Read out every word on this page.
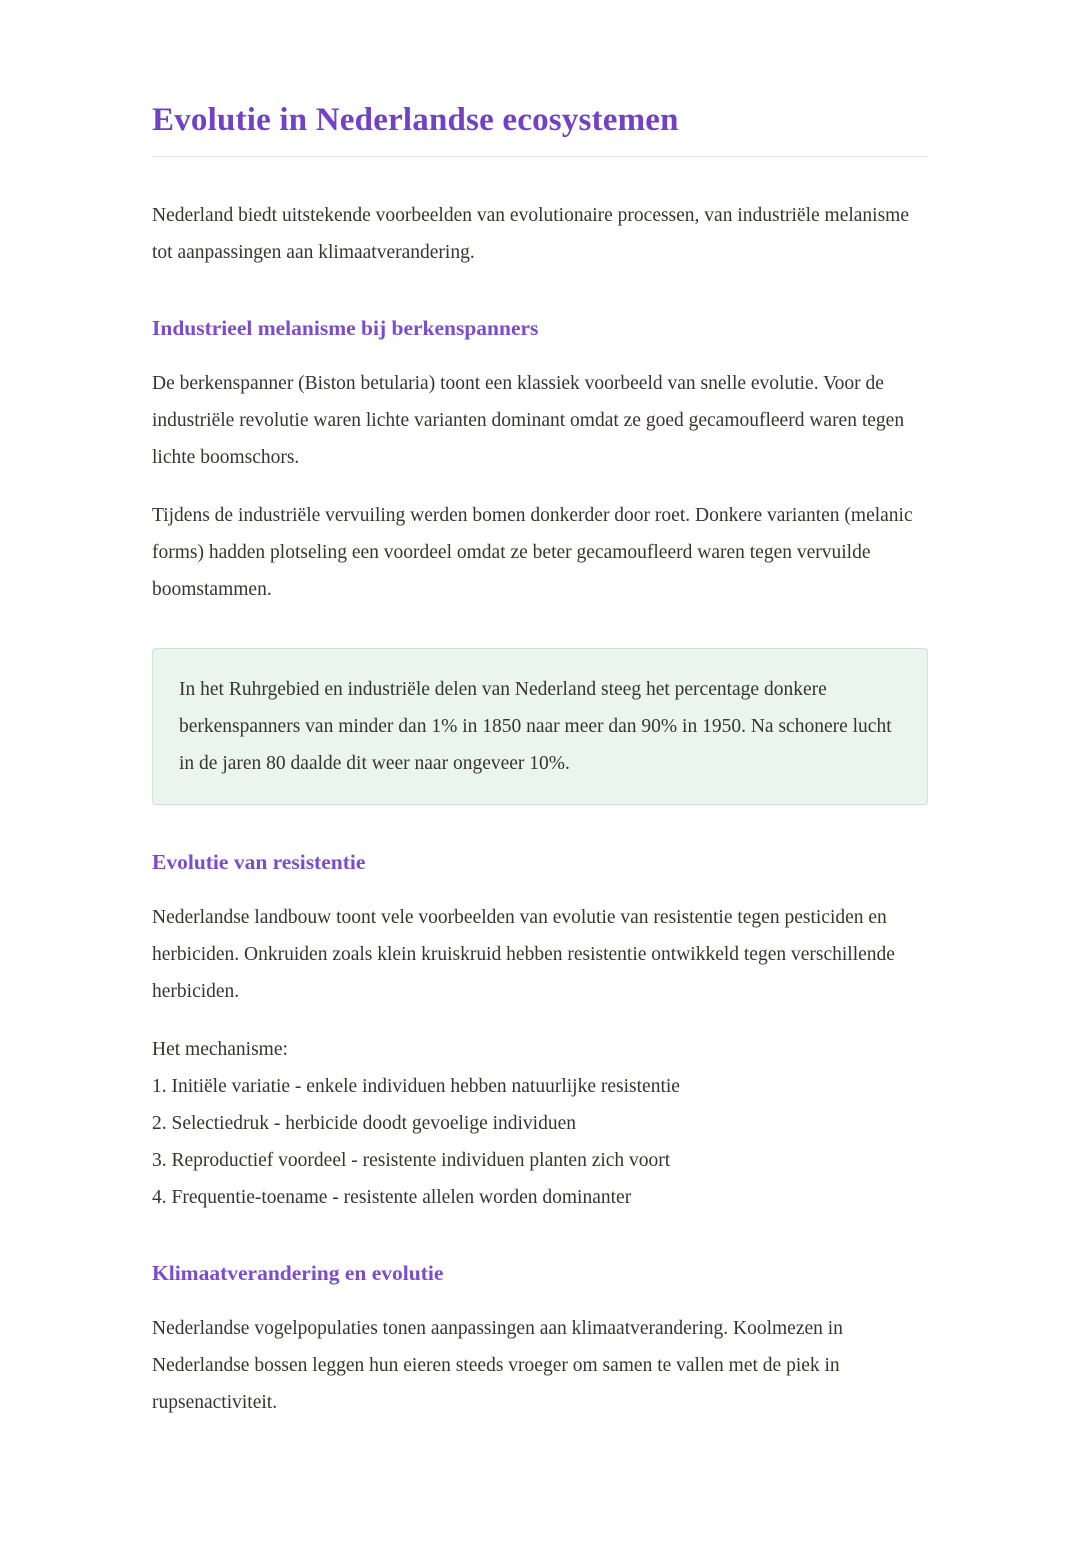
Evolutie in Nederlandse ecosystemen

Nederland biedt uitstekende voorbeelden van evolutionaire processen, van industriële melanisme tot aanpassingen aan klimaatverandering.

Industrieel melanisme bij berkenspanners

De berkenspanner (Biston betularia) toont een klassiek voorbeeld van snelle evolutie. Voor de industriële revolutie waren lichte varianten dominant omdat ze goed gecamoufleerd waren tegen lichte boomschors.

Tijdens de industriële vervuiling werden bomen donkerder door roet. Donkere varianten (melanic forms) hadden plotseling een voordeel omdat ze beter gecamoufleerd waren tegen vervuilde boomstammen.

In het Ruhrgebied en industriële delen van Nederland steeg het percentage donkere berkenspanners van minder dan 1% in 1850 naar meer dan 90% in 1950. Na schonere lucht in de jaren 80 daalde dit weer naar ongeveer 10%.

Evolutie van resistentie

Nederlandse landbouw toont vele voorbeelden van evolutie van resistentie tegen pesticiden en herbiciden. Onkruiden zoals klein kruiskruid hebben resistentie ontwikkeld tegen verschillende herbiciden.

Het mechanisme:
1. Initiële variatie - enkele individuen hebben natuurlijke resistentie
2. Selectiedruk - herbicide doodt gevoelige individuen
3. Reproductief voordeel - resistente individuen planten zich voort
4. Frequentie-toename - resistente allelen worden dominanter

Klimaatverandering en evolutie

Nederlandse vogelpopulaties tonen aanpassingen aan klimaatverandering. Koolmezen in Nederlandse bossen leggen hun eieren steeds vroeger om samen te vallen met de piek in rupsenactiviteit.
